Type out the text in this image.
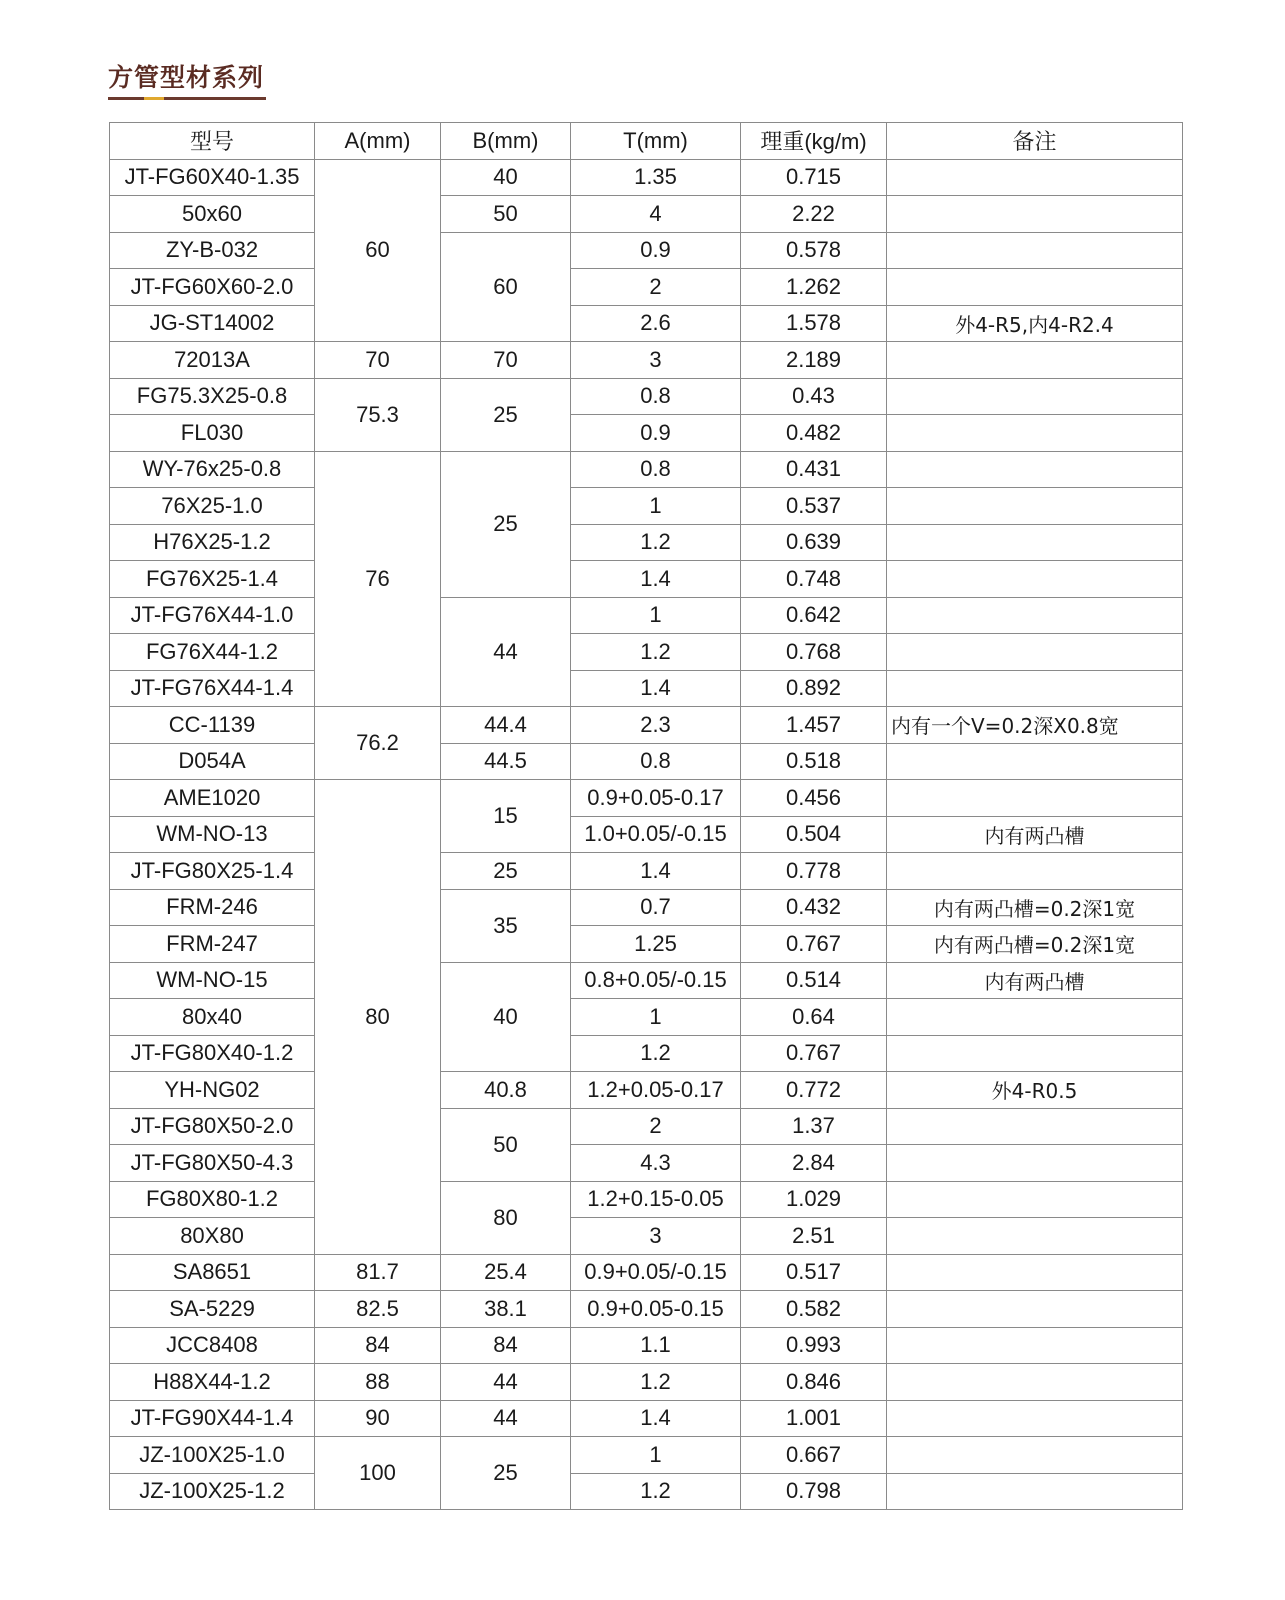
方管型材系列
型号	A(mm)	B(mm)	T(mm)	理重(kg/m)	备注
JT-FG60X40-1.35	60	40	1.35	0.715	
50x60		50	4	2.22	
ZY-B-032		60	0.9	0.578	
JT-FG60X60-2.0			2	1.262	
JG-ST14002			2.6	1.578	外4-R5,内4-R2.4
72013A	70	70	3	2.189	
FG75.3X25-0.8	75.3	25	0.8	0.43	
FL030			0.9	0.482	
WY-76x25-0.8	76	25	0.8	0.431	
76X25-1.0			1	0.537	
H76X25-1.2			1.2	0.639	
FG76X25-1.4			1.4	0.748	
JT-FG76X44-1.0		44	1	0.642	
FG76X44-1.2			1.2	0.768	
JT-FG76X44-1.4			1.4	0.892	
CC-1139	76.2	44.4	2.3	1.457	内有一个V=0.2深X0.8宽
D054A		44.5	0.8	0.518	
AME1020	80	15	0.9+0.05-0.17	0.456	
WM-NO-13			1.0+0.05/-0.15	0.504	内有两凸槽
JT-FG80X25-1.4		25	1.4	0.778	
FRM-246		35	0.7	0.432	内有两凸槽=0.2深1宽
FRM-247			1.25	0.767	内有两凸槽=0.2深1宽
WM-NO-15		40	0.8+0.05/-0.15	0.514	内有两凸槽
80x40			1	0.64	
JT-FG80X40-1.2			1.2	0.767	
YH-NG02		40.8	1.2+0.05-0.17	0.772	外4-R0.5
JT-FG80X50-2.0		50	2	1.37	
JT-FG80X50-4.3			4.3	2.84	
FG80X80-1.2		80	1.2+0.15-0.05	1.029	
80X80			3	2.51	
SA8651	81.7	25.4	0.9+0.05/-0.15	0.517	
SA-5229	82.5	38.1	0.9+0.05-0.15	0.582	
JCC8408	84	84	1.1	0.993	
H88X44-1.2	88	44	1.2	0.846	
JT-FG90X44-1.4	90	44	1.4	1.001	
JZ-100X25-1.0	100	25	1	0.667	
JZ-100X25-1.2			1.2	0.798	
